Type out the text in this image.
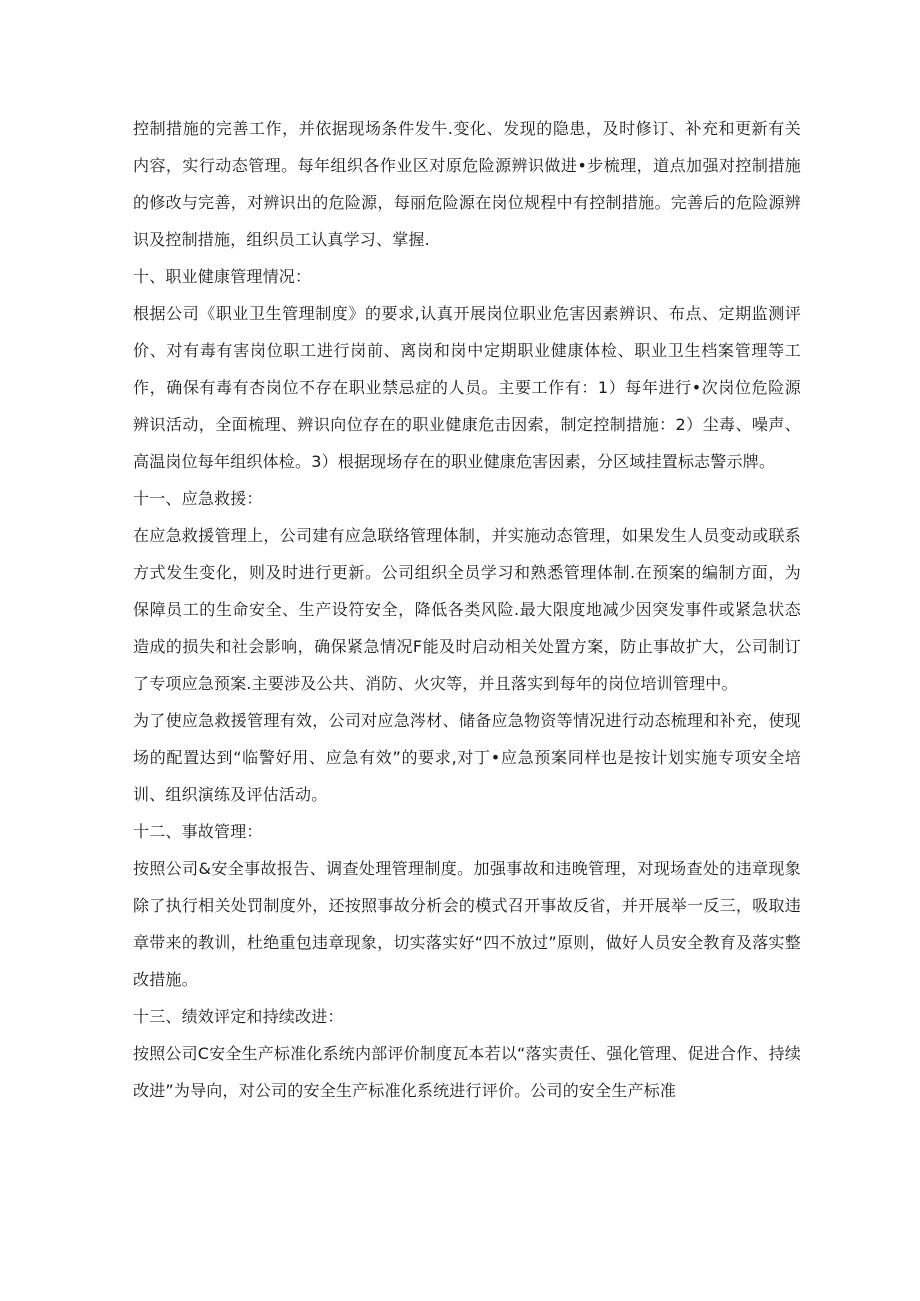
控制措施的完善工作，并依据现场条件发牛.变化、发现的隐患，及时修订、补充和更新有关内容，实行动态管理。每年组织各作业区对原危险源辨识做进•步梳理，道点加强对控制措施的修改与完善，对辨识出的危险源，每丽危险源在岗位规程中有控制措施。完善后的危险源辨识及控制措施，组织员工认真学习、掌握.

十、职业健康管理情况：

根据公司《职业卫生管理制度》的要求,认真开展岗位职业危害因素辨识、布点、定期监测评价、对有毒有害岗位职工进行岗前、离岗和岗中定期职业健康体检、职业卫生档案管理等工作，确保有毒有杏岗位不存在职业禁忌症的人员。主要工作有：1）每年进行•次岗位危险源辨识活动，全面梳理、辨识向位存在的职业健康危击因索，制定控制措施：2）尘毒、噪声、高温岗位每年组织体检。3）根据现场存在的职业健康危害因素，分区域挂置标志警示牌。

十一、应急救援：

在应急救援管理上，公司建有应急联络管理体制，并实施动态管理，如果发生人员变动或联系方式发生变化，则及时进行更新。公司组织全员学习和熟悉管理体制.在预案的编制方面，为保障员工的生命安全、生产设符安全，降低各类风险.最大限度地减少因突发事件或紧急状态造成的损失和社会影响，确保紧急情况F能及时启动相关处置方案，防止事故扩大，公司制订了专项应急预案.主要涉及公共、消防、火灾等，并且落实到每年的岗位培训管理中。

为了使应急救援管理有效，公司对应急涔材、储备应急物资等情况进行动态梳理和补充，使现场的配置达到“临警好用、应急有效”的要求,对丁•应急预案同样也是按计划实施专项安全培训、组织演练及评估活动。

十二、事故管理：

按照公司&安全事故报告、调查处理管理制度。加强事故和违晚管理，对现场查处的违章现象除了执行相关处罚制度外，还按照事故分析会的模式召开事故反省，并开展举一反三，吸取违章带来的教训，杜绝重包违章现象，切实落实好“四不放过”原则，做好人员安全教育及落实整改措施。

十三、绩效评定和持续改进：

按照公司C安全生产标准化系统内部评价制度瓦本若以“落实责任、强化管理、促进合作、持续改进”为导向，对公司的安全生产标准化系统进行评价。公司的安全生产标准
